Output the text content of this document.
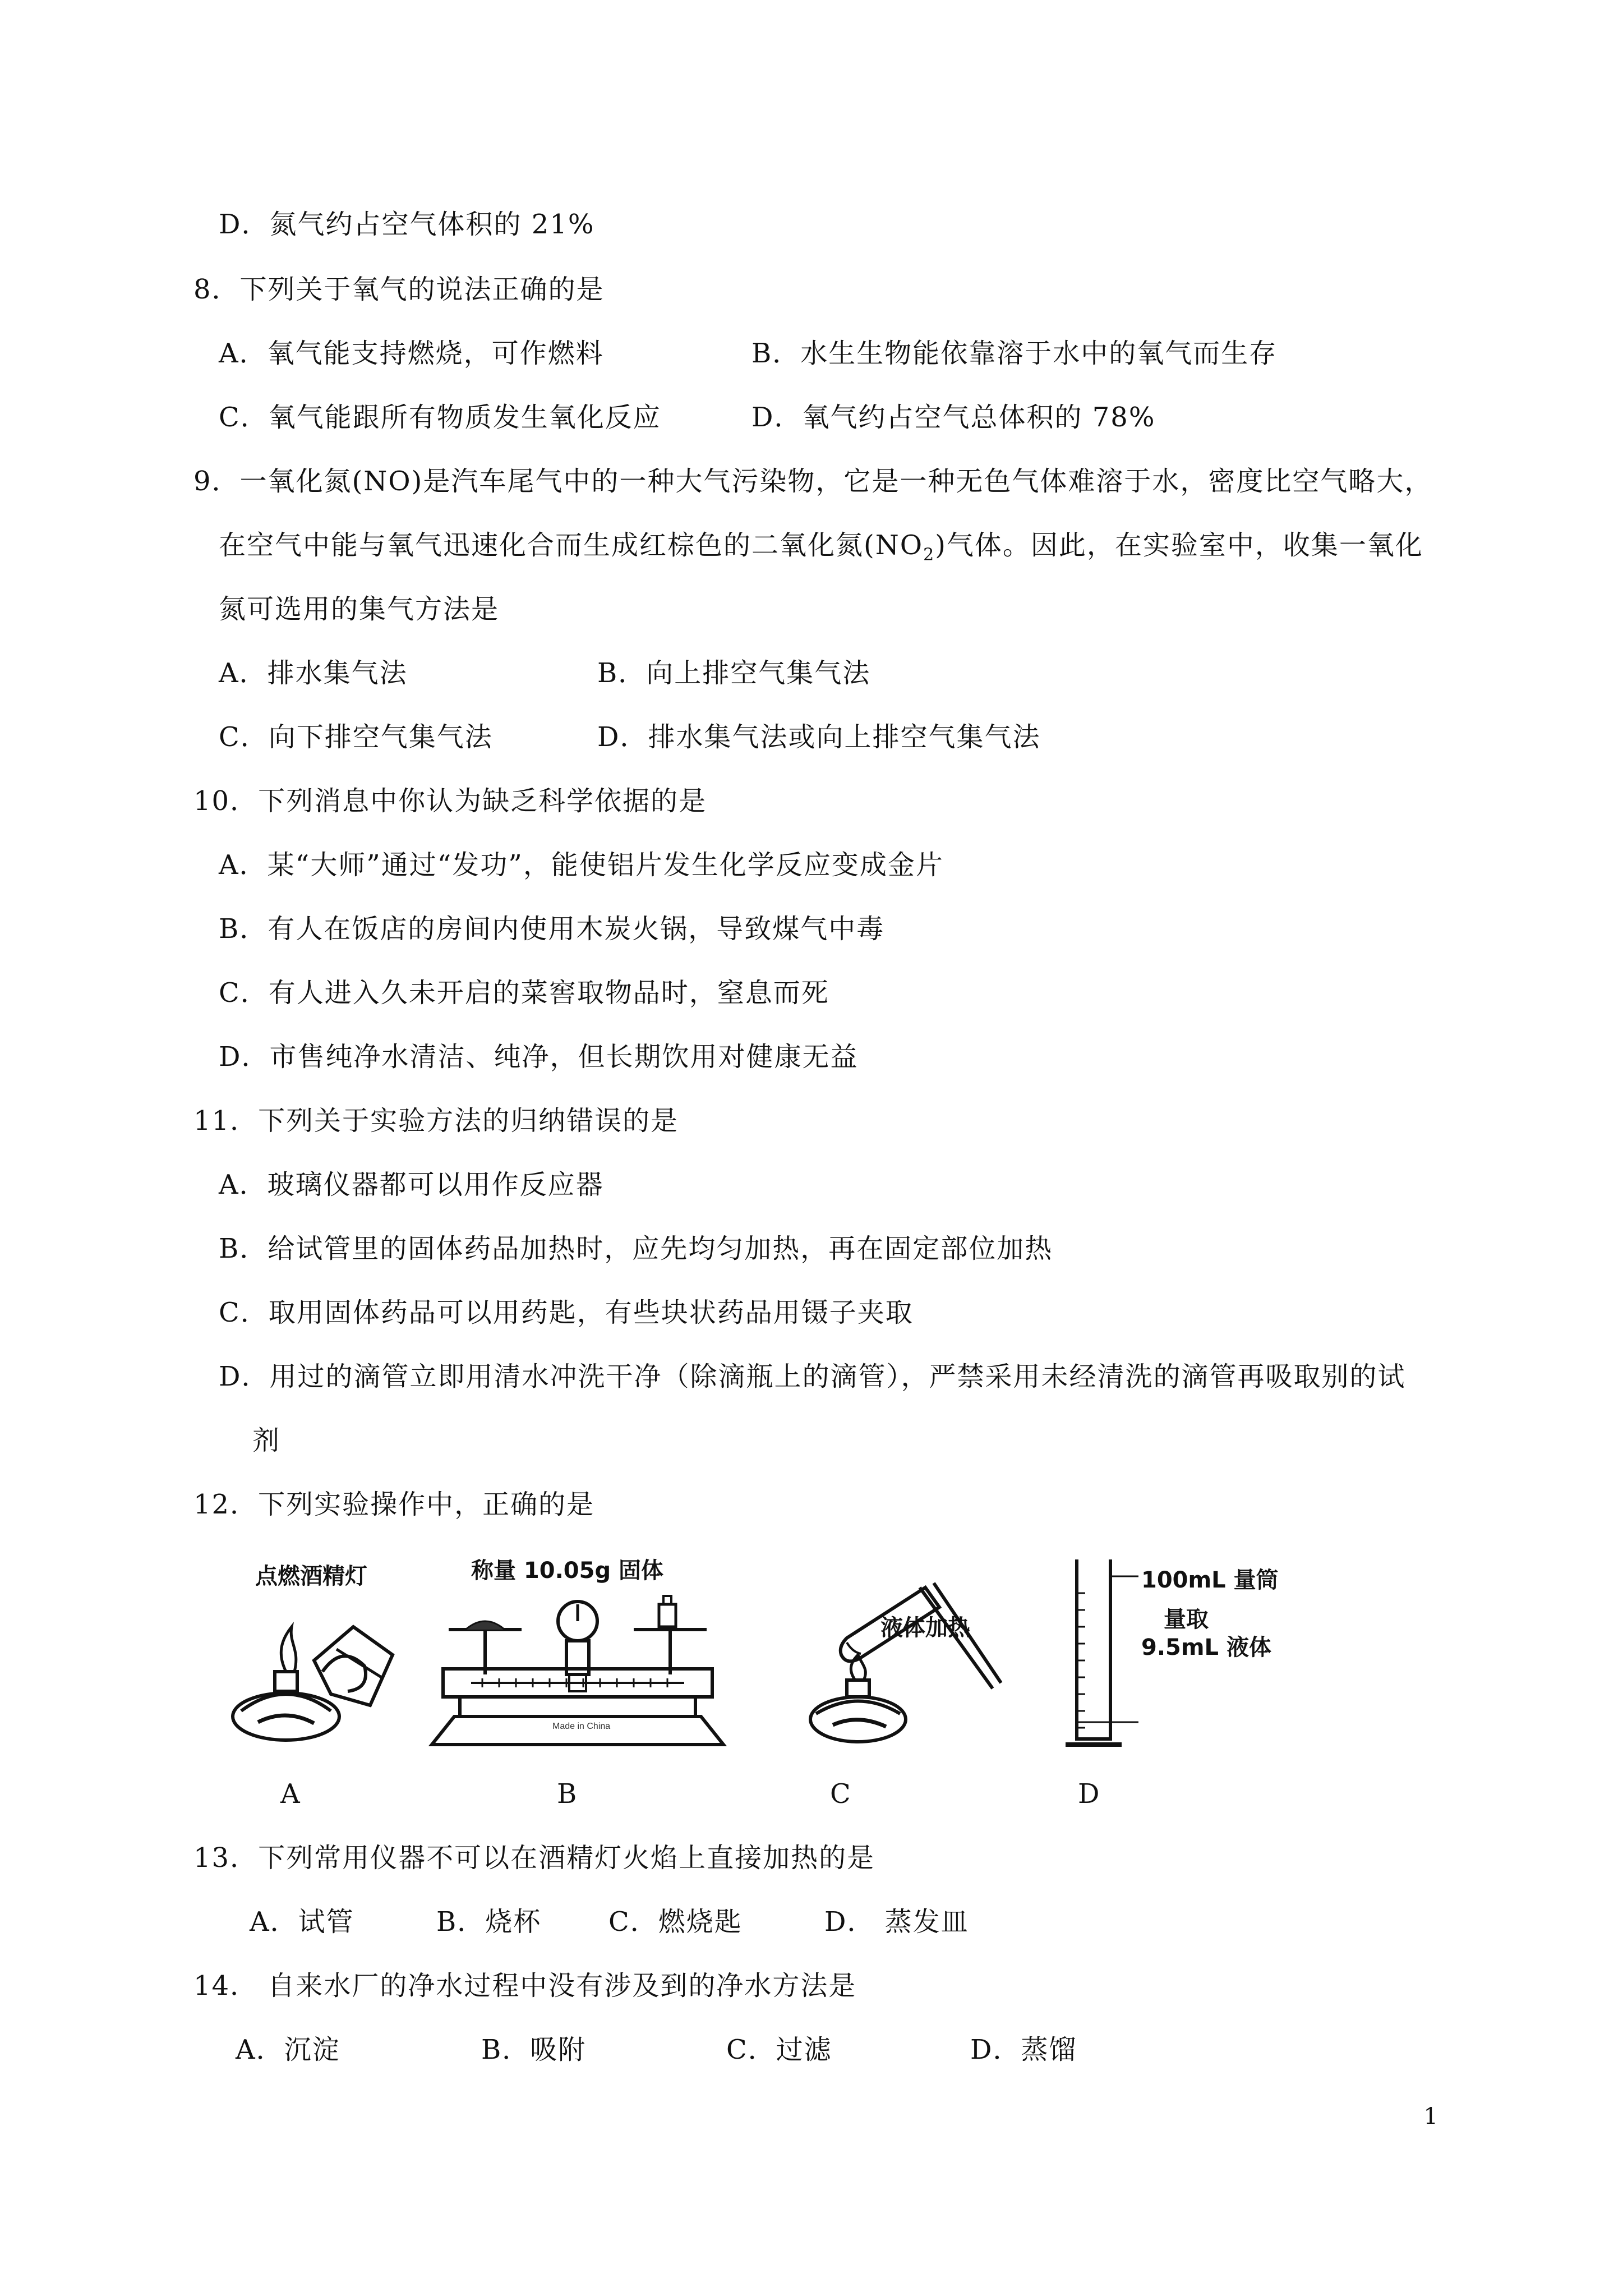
D．氮气约占空气体积的 21%
8．下列关于氧气的说法正确的是
A．氧气能支持燃烧，可作燃料	B．水生生物能依靠溶于水中的氧气而生存
C．氧气能跟所有物质发生氧化反应	D．氧气约占空气总体积的 78%
9．一氧化氮(NO)是汽车尾气中的一种大气污染物，它是一种无色气体难溶于水，密度比空气略大，
在空气中能与氧气迅速化合而生成红棕色的二氧化氮$(NO_2)$气体。因此，在实验室中，收集一氧化
氮可选用的集气方法是
A．排水集气法	B．向上排空气集气法
C．向下排空气集气法	D．排水集气法或向上排空气集气法
10．下列消息中你认为缺乏科学依据的是
A．某“大师”通过“发功”，能使铝片发生化学反应变成金片
B．有人在饭店的房间内使用木炭火锅，导致煤气中毒
C．有人进入久未开启的菜窖取物品时，窒息而死
D．市售纯净水清洁、纯净，但长期饮用对健康无益
11．下列关于实验方法的归纳错误的是
A．玻璃仪器都可以用作反应器
B．给试管里的固体药品加热时，应先均匀加热，再在固定部位加热
C．取用固体药品可以用药匙，有些块状药品用镊子夹取
D．用过的滴管立即用清水冲洗干净（除滴瓶上的滴管），严禁采用未经清洗的滴管再吸取别的试
剂
12．下列实验操作中，正确的是
点燃酒精灯	称量 10.05g 固体
Made in China
液体加热
100mL 量筒
量取
9.5mL 液体
A	B	C	D
13．下列常用仪器不可以在酒精灯火焰上直接加热的是
A．试管	B．烧杯 C．燃烧匙	D． 蒸发皿
14． 自来水厂的净水过程中没有涉及到的净水方法是
A．沉淀	B．吸附	C．过滤	D．蒸馏
1
